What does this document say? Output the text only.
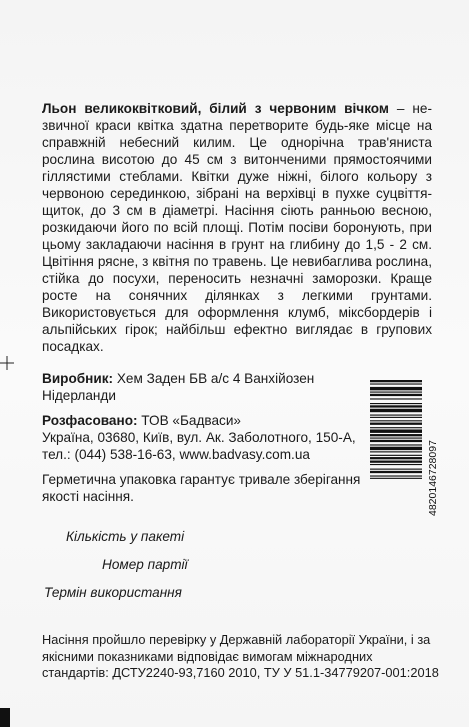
Льон великоквітковий, білий з червоним вічком – незвичної краси квітка здатна перетворите будь-яке місце на справжній небесний килим. Це однорічна трав'яниста рослина висотою до 45 см з витонченими прямостоячими гіллястими стеблами. Квітки дуже ніжні, білого кольору з червоною серединкою, зібрані на верхівці в пухке суцвіття-щиток, до 3 см в діаметрі. Насіння сіють ранньою весною, розкидаючи його по всій площі. Потім посіви боронують, при цьому закладаючи насіння в грунт на глибину до 1,5 - 2 см. Цвітіння рясне, з квітня по травень. Це невибаглива рослина, стійка до посухи, переносить незначні заморозки. Краще росте на сонячних ділянках з легкими грунтами. Використовується для оформлення клумб, міксбордерів і альпійських гірок; найбільш ефектно виглядає в групових посадках.
Виробник: Хем Заден БВ а/с 4 Ванхійозен Нідерланди
Розфасовано: ТОВ «Бадваси»
Україна, 03680, Київ, вул. Ак. Заболотного, 150-А,
тел.: (044) 538-16-63, www.badvasy.com.ua
Герметична упаковка гарантує тривале зберігання якості насіння.	4820146728097
Кількість у пакеті
Номер партії
Термін використання
Насіння пройшло перевірку у Державній лабораторії України, і за якісними показниками відповідає вимогам міжнародних стандартів: ДСТУ2240-93,7160 2010, ТУ У 51.1-34779207-001:2018
